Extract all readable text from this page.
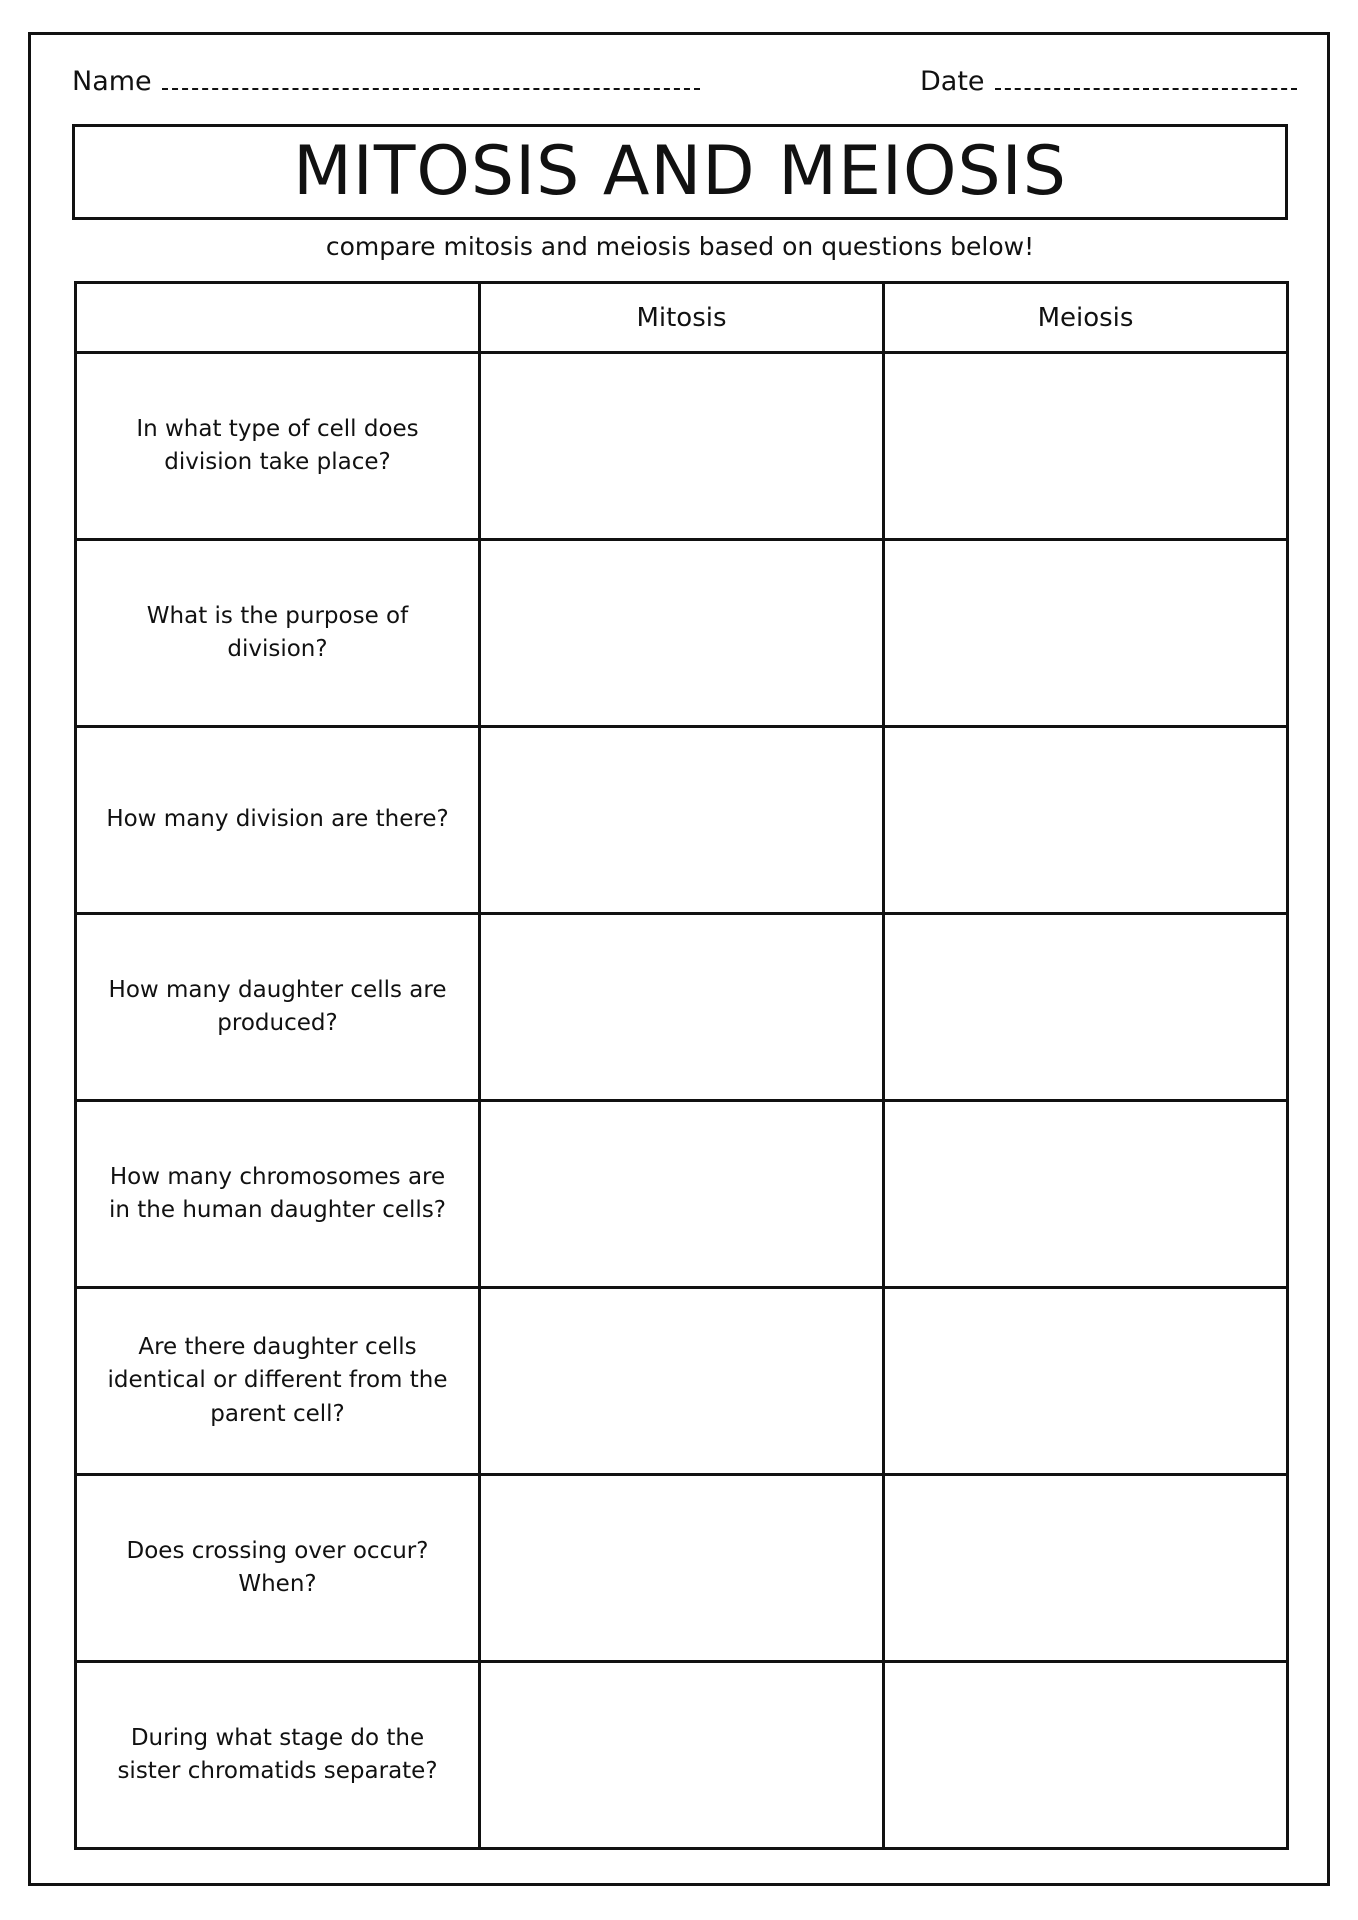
Name	Date
MITOSIS AND MEIOSIS
compare mitosis and meiosis based on questions below!
	Mitosis	Meiosis
In what type of cell does division take place?		
What is the purpose of division?		
How many division are there?		
How many daughter cells are produced?		
How many chromosomes are in the human daughter cells?		
Are there daughter cells identical or different from the parent cell?		
Does crossing over occur? When?		
During what stage do the sister chromatids separate?		
